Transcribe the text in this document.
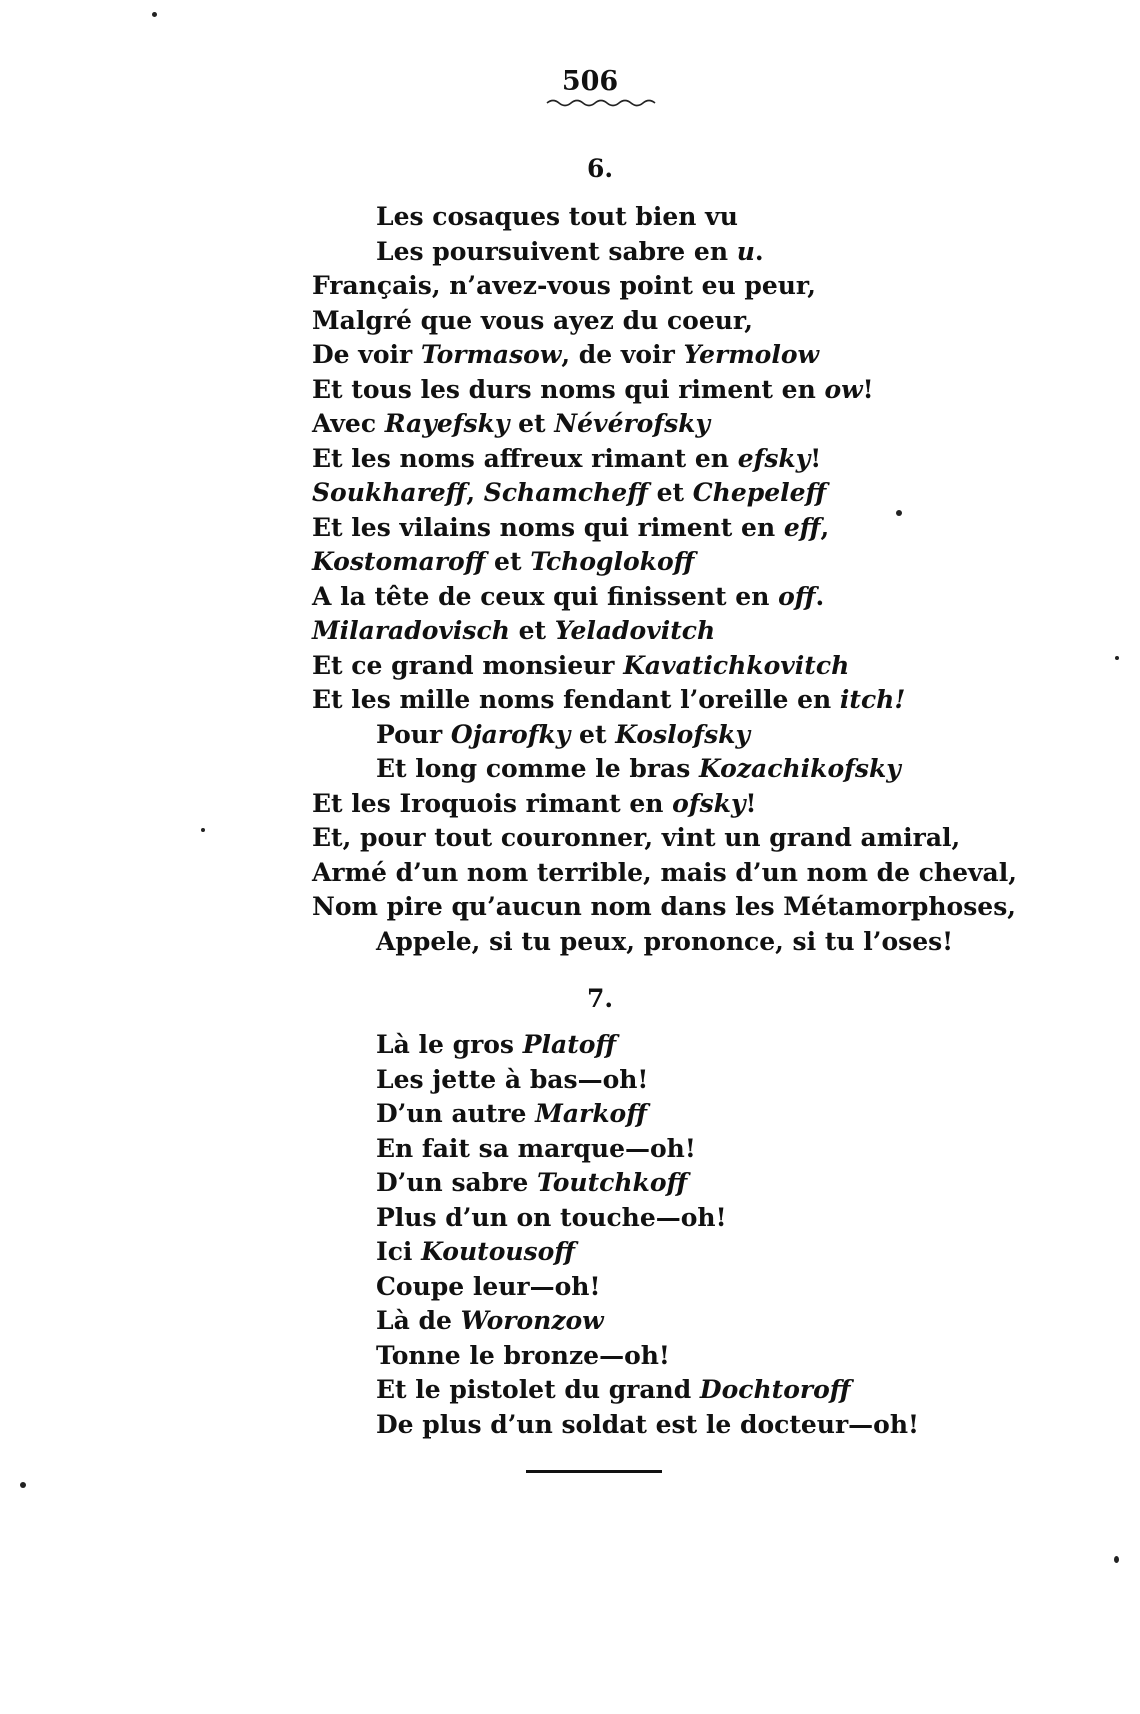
506
6.
Les cosaques tout bien vu
Les poursuivent sabre en u.
Français, n’avez-vous point eu peur,
Malgré que vous ayez du coeur,
De voir Tormasow, de voir Yermolow
Et tous les durs noms qui riment en ow!
Avec Rayefsky et Névérofsky
Et les noms affreux rimant en efsky!
Soukhareff, Schamcheff et Chepeleff
Et les vilains noms qui riment en eff,
Kostomaroff et Tchoglokoff
A la tête de ceux qui finissent en off.
Milaradovisch et Yeladovitch
Et ce grand monsieur Kavatichkovitch
Et les mille noms fendant l’oreille en itch!
Pour Ojarofky et Koslofsky
Et long comme le bras Kozachikofsky
Et les Iroquois rimant en ofsky!
Et, pour tout couronner, vint un grand amiral,
Armé d’un nom terrible, mais d’un nom de cheval,
Nom pire qu’aucun nom dans les Métamorphoses,
Appele, si tu peux, prononce, si tu l’oses!
7.
Là le gros Platoff
Les jette à bas—oh!
D’un autre Markoff
En fait sa marque—oh!
D’un sabre Toutchkoff
Plus d’un on touche—oh!
Ici Koutousoff
Coupe leur—oh!
Là de Woronzow
Tonne le bronze—oh!
Et le pistolet du grand Dochtoroff
De plus d’un soldat est le docteur—oh!
